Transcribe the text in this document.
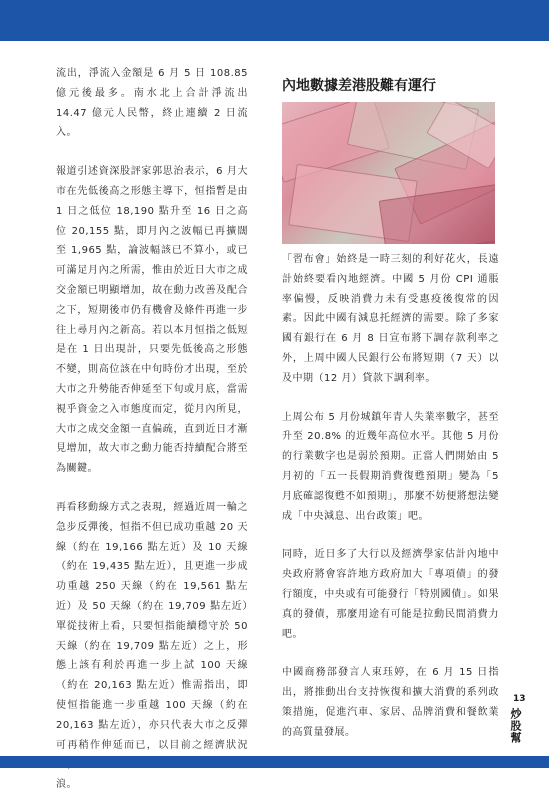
流出，淨流入金額是 6 月 5 日 108.85 億元後最多。南水北上合計淨流出 14.47 億元人民幣，終止連續 2 日流入。

報道引述資深股評家郭思治表示，6 月大市在先低後高之形態主導下，恒指暫是由 1 日之低位 18,190 點升至 16 日之高位 20,155 點，即月內之波幅已再擴闊至 1,965 點，論波幅該已不算小，或已可滿足月內之所需，惟由於近日大市之成交金額已明顯增加，故在動力改善及配合之下，短期後市仍有機會及條件再進一步往上尋月內之新高。若以本月恒指之低短是在 1 日出現計，只要先低後高之形態不變，則高位該在中旬時份才出現，至於大市之升勢能否伸延至下旬或月底，當需視乎資金之入市態度而定，從月內所見，大市之成交金額一直偏疏，直到近日才漸見增加，故大市之動力能否持續配合將至為關鍵。

再看移動線方式之表現，經過近周一輪之急步反彈後，恒指不但已成功重越 20 天線（約在 19,166 點左近）及 10 天線（約在 19,435 點左近），且更進一步成功重越 250 天線（約在 19,561 點左近）及 50 天線（約在 19,709 點左近）單從技術上看，只要恒指能續穩守於 50 天線（約在 19,709 點左近）之上，形態上該有利於再進一步上試 100 天線（約在 20,163 點左近）惟需指出，即使恒指能進一步重越 100 天線（約在 20,163 點左近），亦只代表大市之反彈可再稍作伸延而已，以目前之經濟狀況 浪。

內地數據差港股難有運行

「習布會」始終是一時三刻的利好花火，長遠計始終要看內地經濟。中國 5 月份 CPI 通脹率偏慢，反映消費力未有受惠疫後復常的因素。因此中國有減息托經濟的需要。除了多家國有銀行在 6 月 8 日宣布將下調存款利率之外，上周中國人民銀行公布將短期（7 天）以及中期（12 月）貸款下調利率。

上周公布 5 月份城鎮年青人失業率數字，甚至升至 20.8% 的近幾年高位水平。其他 5 月份的行業數字也是弱於預期。正當人們開始由 5 月初的「五一長假期消費復甦預期」變為「5 月底確認復甦不如預期」，那麼不妨便將想法變成「中央減息、出台政策」吧。

同時，近日多了大行以及經濟學家估計內地中央政府將會容許地方政府加大「專項債」的發行額度，中央或有可能發行「特別國債」。如果真的發債，那麼用途有可能是拉動民間消費力吧。

中國商務部發言人束珏婷，在 6 月 15 日指出，將推動出台支持恢復和擴大消費的系列政策措施，促進汽車、家居、品牌消費和餐飲業的高質量發展。

13
炒股幫
